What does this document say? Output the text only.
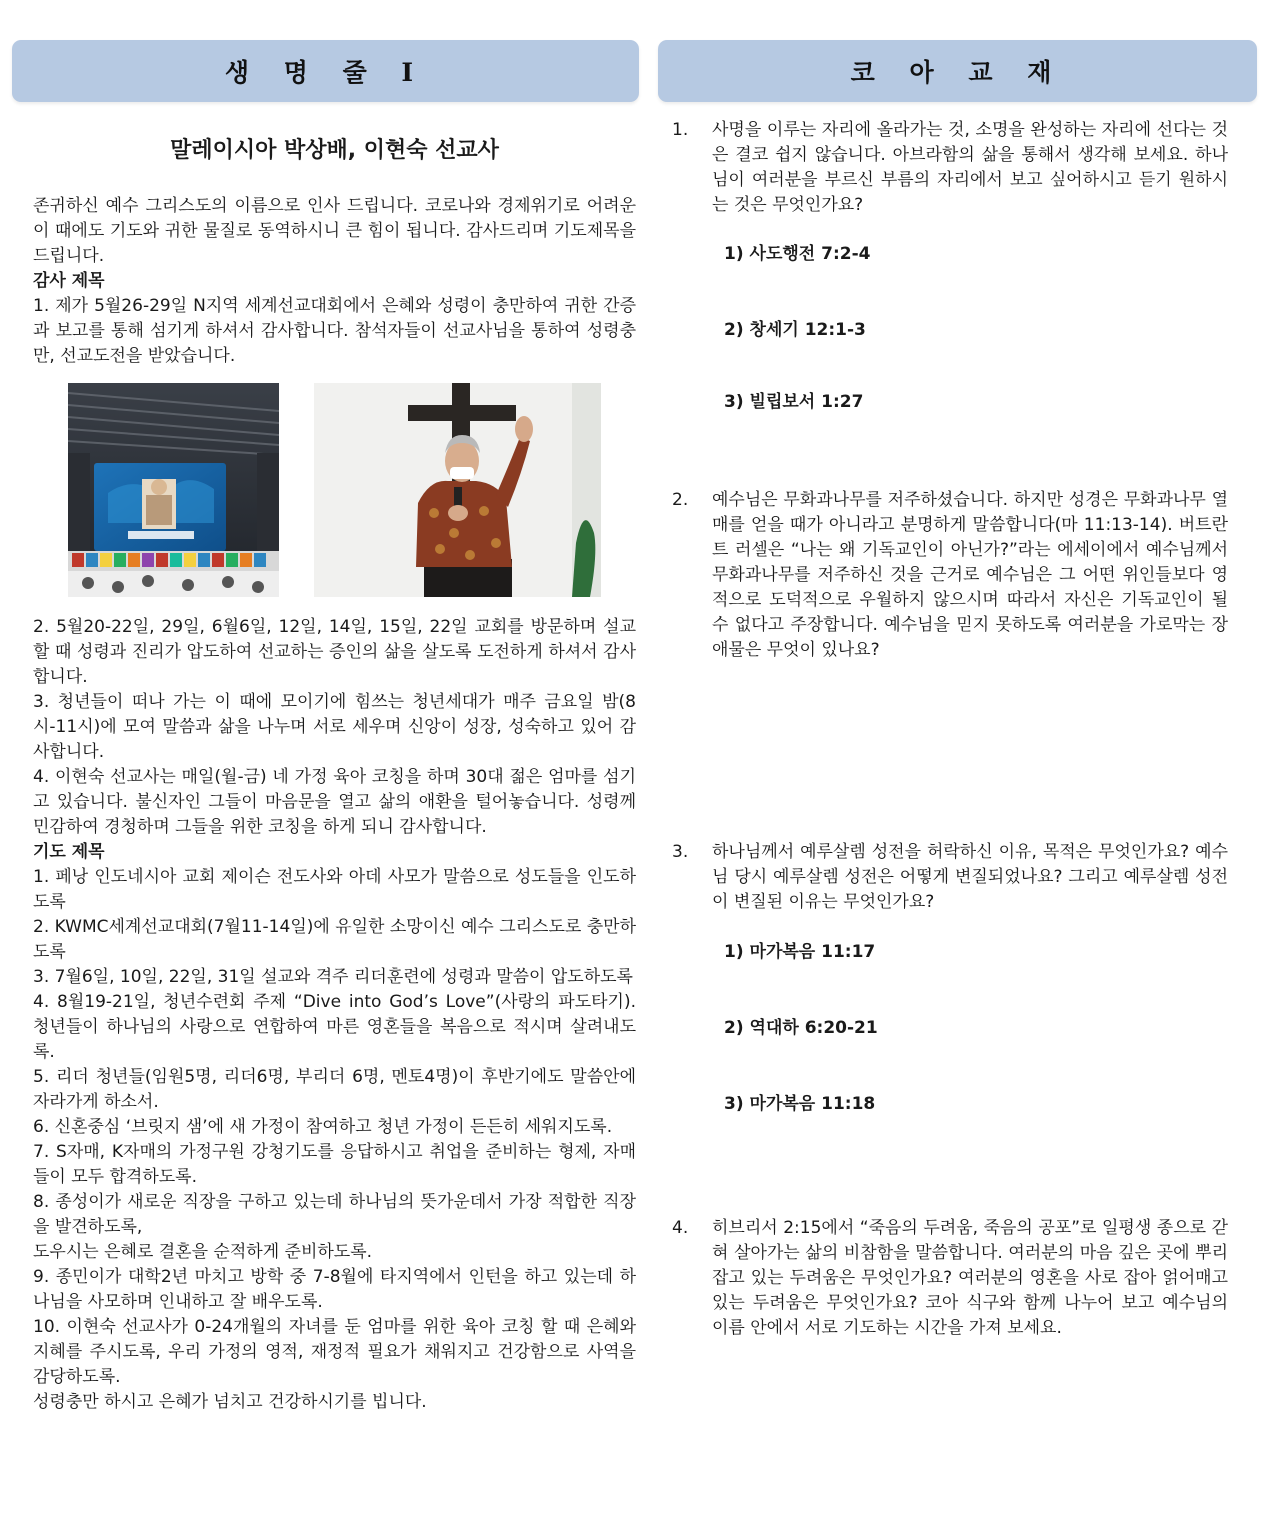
생 명 줄 I	코 아 교 재
말레이시아 박상배, 이현숙 선교사

존귀하신 예수 그리스도의 이름으로 인사 드립니다. 코로나와 경제위기로 어려운 이 때에도 기도와 귀한 물질로 동역하시니 큰 힘이 됩니다. 감사드리며 기도제목을 드립니다.

감사 제목

1. 제가 5월26-29일 N지역 세계선교대회에서 은혜와 성령이 충만하여 귀한 간증과 보고를 통해 섬기게 하셔서 감사합니다. 참석자들이 선교사님을 통하여 성령충만, 선교도전을 받았습니다.

2. 5월20-22일, 29일, 6월6일, 12일, 14일, 15일, 22일 교회를 방문하며 설교할 때 성령과 진리가 압도하여 선교하는 증인의 삶을 살도록 도전하게 하셔서 감사합니다.

3. 청년들이 떠나 가는 이 때에 모이기에 힘쓰는 청년세대가 매주 금요일 밤(8시-11시)에 모여 말씀과 삶을 나누며 서로 세우며 신앙이 성장, 성숙하고 있어 감사합니다.

4. 이현숙 선교사는 매일(월-금) 네 가정 육아 코칭을 하며 30대 젊은 엄마를 섬기고 있습니다. 불신자인 그들이 마음문을 열고 삶의 애환을 털어놓습니다. 성령께 민감하여 경청하며 그들을 위한 코칭을 하게 되니 감사합니다.

기도 제목

1. 페낭 인도네시아 교회 제이슨 전도사와 아데 사모가 말씀으로 성도들을 인도하도록

2. KWMC세계선교대회(7월11-14일)에 유일한 소망이신 예수 그리스도로 충만하도록

3. 7월6일, 10일, 22일, 31일 설교와 격주 리더훈련에 성령과 말씀이 압도하도록

4. 8월19-21일, 청년수련회 주제 “Dive into God’s Love”(사랑의 파도타기). 청년들이 하나님의 사랑으로 연합하여 마른 영혼들을 복음으로 적시며 살려내도록.

5. 리더 청년들(임원5명, 리더6명, 부리더 6명, 멘토4명)이 후반기에도 말씀안에 자라가게 하소서.

6. 신혼중심 ‘브릿지 샘’에 새 가정이 참여하고 청년 가정이 든든히 세워지도록.

7. S자매, K자매의 가정구원 강청기도를 응답하시고 취업을 준비하는 형제, 자매들이 모두 합격하도록.

8. 종성이가 새로운 직장을 구하고 있는데 하나님의 뜻가운데서 가장 적합한 직장을 발견하도록,

도우시는 은혜로 결혼을 순적하게 준비하도록.

9. 종민이가 대학2년 마치고 방학 중 7-8월에 타지역에서 인턴을 하고 있는데 하나님을 사모하며 인내하고 잘 배우도록.

10. 이현숙 선교사가 0-24개월의 자녀를 둔 엄마를 위한 육아 코칭 할 때 은혜와 지혜를 주시도록, 우리 가정의 영적, 재정적 필요가 채워지고 건강함으로 사역을 감당하도록.

성령충만 하시고 은혜가 넘치고 건강하시기를 빕니다.

1. 사명을 이루는 자리에 올라가는 것, 소명을 완성하는 자리에 선다는 것은 결코 쉽지 않습니다. 아브라함의 삶을 통해서 생각해 보세요. 하나님이 여러분을 부르신 부름의 자리에서 보고 싶어하시고 듣기 원하시는 것은 무엇인가요?
1) 사도행전 7:2-4
2) 창세기 12:1-3
3) 빌립보서 1:27
2. 예수님은 무화과나무를 저주하셨습니다. 하지만 성경은 무화과나무 열매를 얻을 때가 아니라고 분명하게 말씀합니다(마 11:13-14). 버트란트 러셀은 “나는 왜 기독교인이 아닌가?”라는 에세이에서 예수님께서 무화과나무를 저주하신 것을 근거로 예수님은 그 어떤 위인들보다 영적으로 도덕적으로 우월하지 않으시며 따라서 자신은 기독교인이 될 수 없다고 주장합니다. 예수님을 믿지 못하도록 여러분을 가로막는 장애물은 무엇이 있나요?
3. 하나님께서 예루살렘 성전을 허락하신 이유, 목적은 무엇인가요? 예수님 당시 예루살렘 성전은 어떻게 변질되었나요? 그리고 예루살렘 성전이 변질된 이유는 무엇인가요?
1) 마가복음 11:17
2) 역대하 6:20-21
3) 마가복음 11:18
4. 히브리서 2:15에서 “죽음의 두려움, 죽음의 공포”로 일평생 종으로 갇혀 살아가는 삶의 비참함을 말씀합니다. 여러분의 마음 깊은 곳에 뿌리잡고 있는 두려움은 무엇인가요? 여러분의 영혼을 사로 잡아 얽어매고 있는 두려움은 무엇인가요? 코아 식구와 함께 나누어 보고 예수님의 이름 안에서 서로 기도하는 시간을 가져 보세요.
